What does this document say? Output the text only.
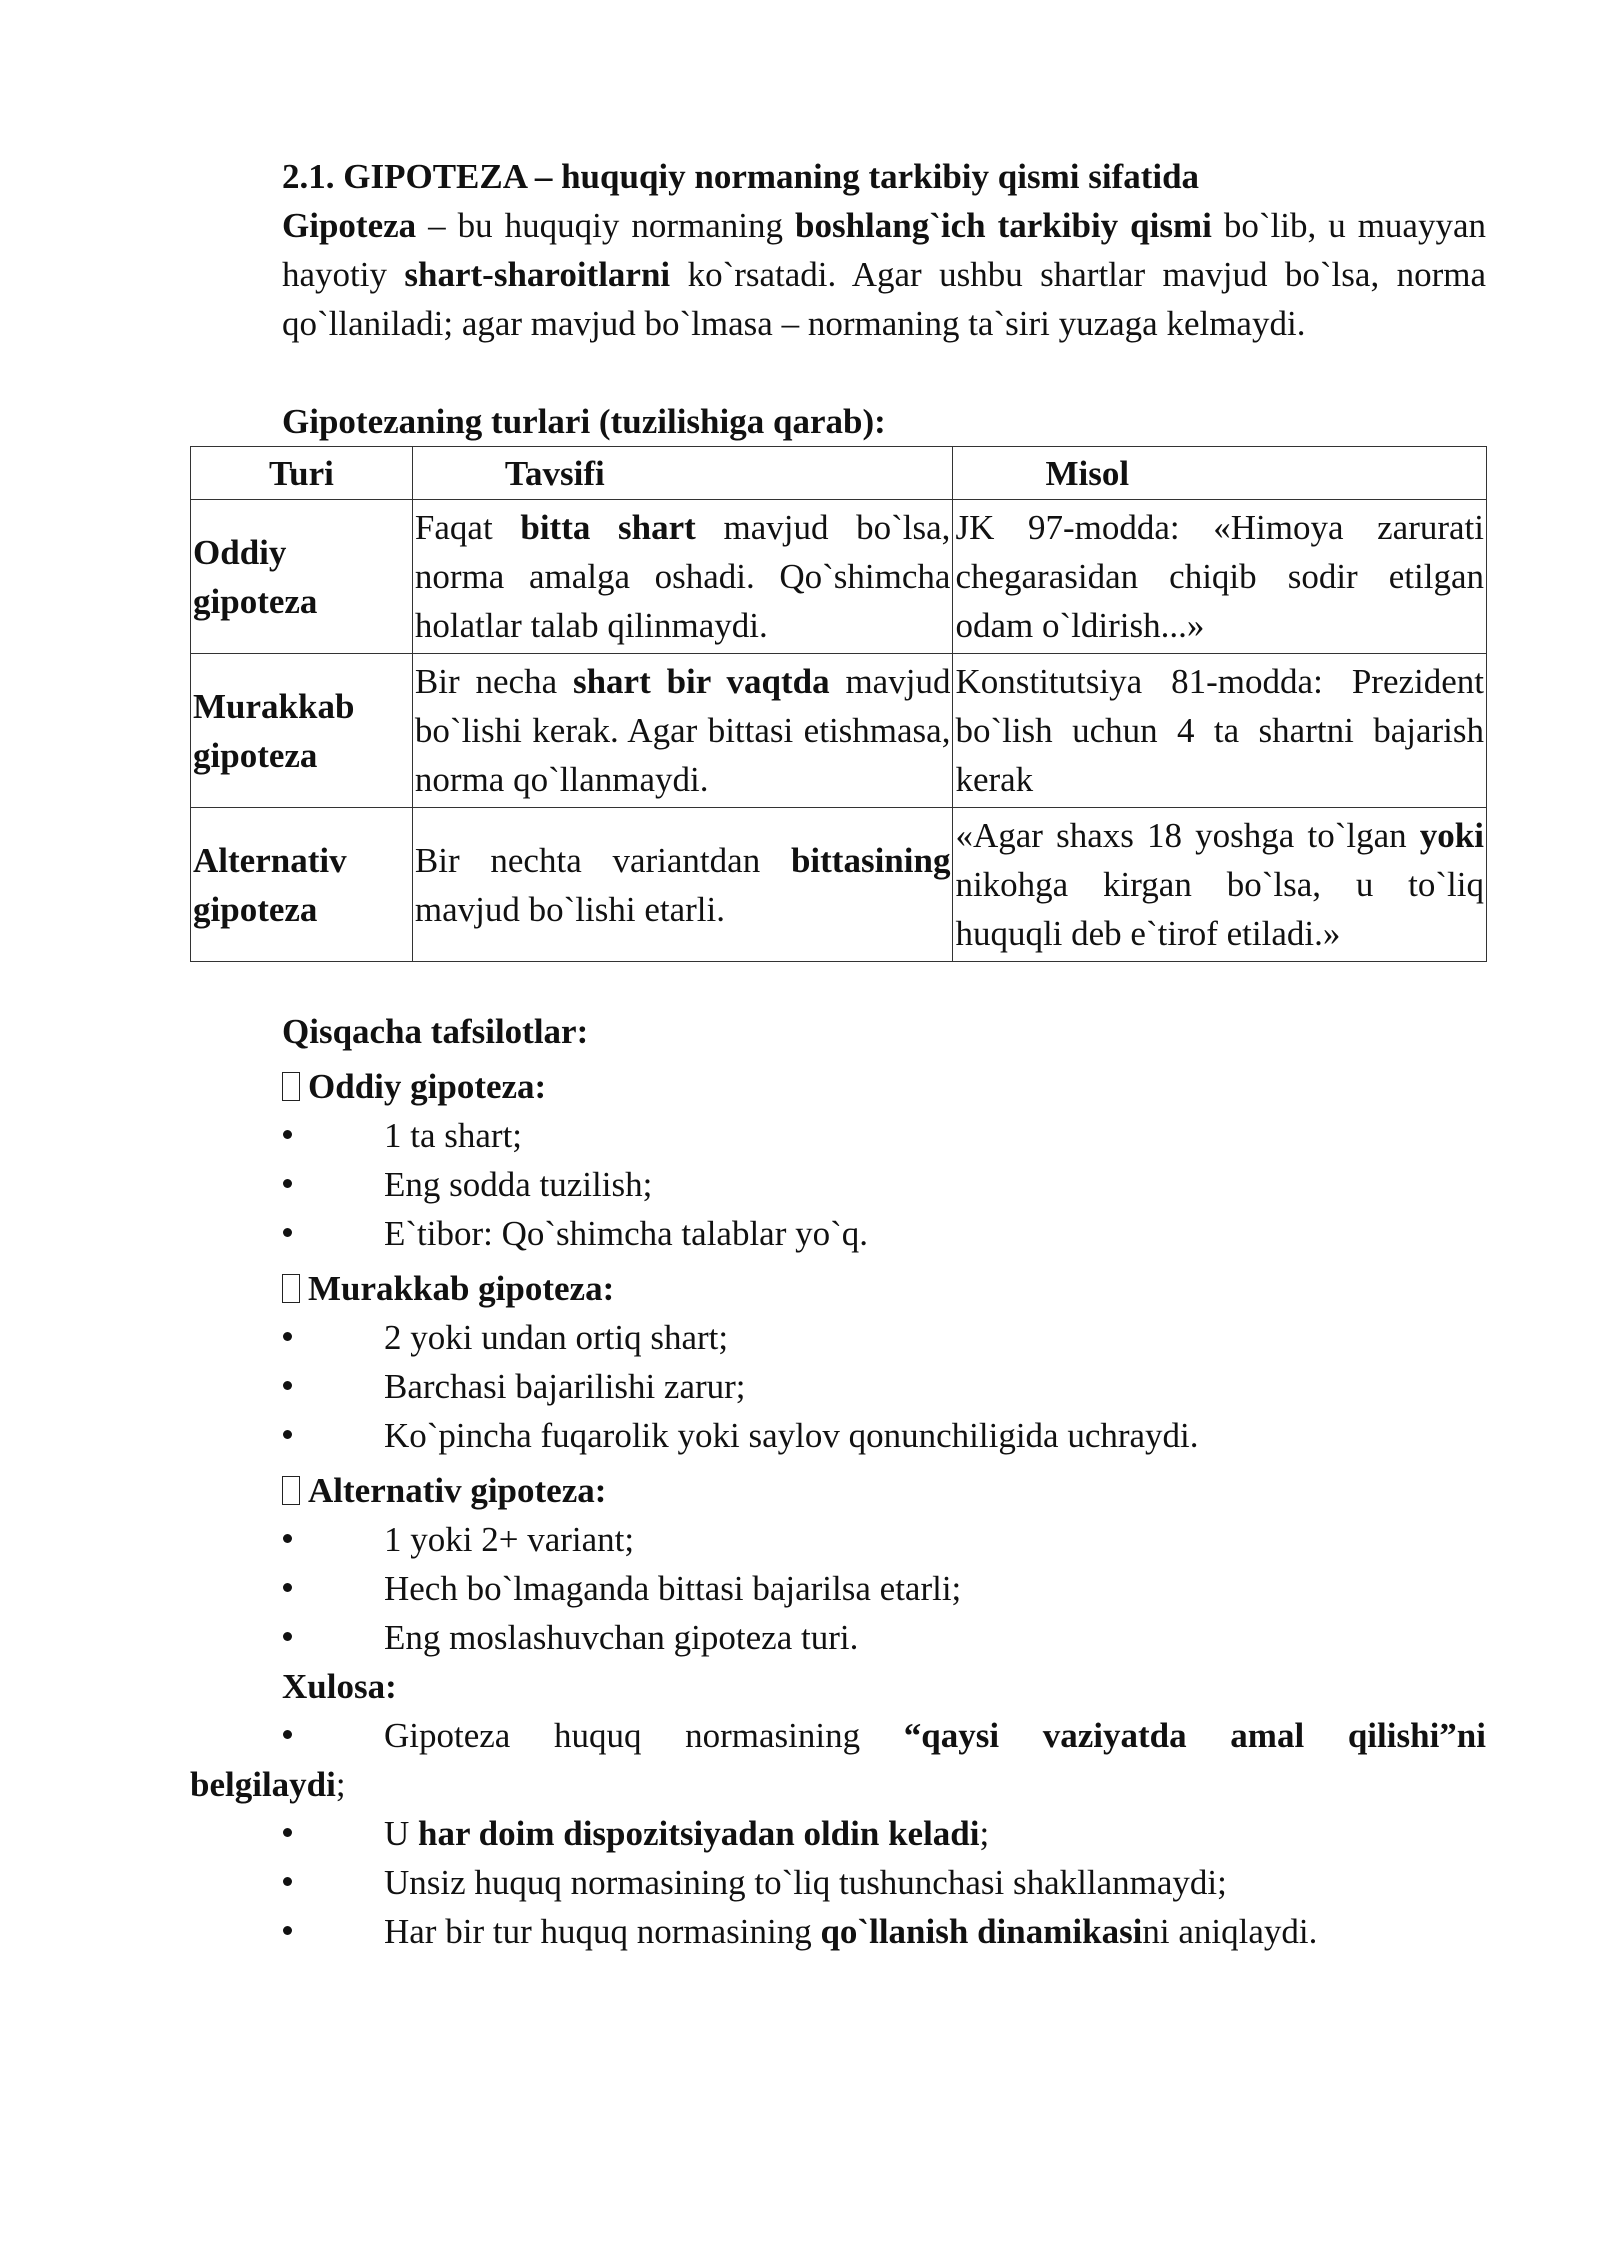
2.1. GIPOTEZA – huquqiy normaning tarkibiy qismi sifatida

Gipoteza – bu huquqiy normaning boshlang`ich tarkibiy qismi bo`lib, u muayyan hayotiy shart-sharoitlarni ko`rsatadi. Agar ushbu shartlar mavjud bo`lsa, norma qo`llaniladi; agar mavjud bo`lmasa – normaning ta`siri yuzaga kelmaydi.

Gipotezaning turlari (tuzilishiga qarab):
Turi	Tavsifi	Misol
Oddiy gipoteza	Faqat bitta shart mavjud bo`lsa, norma amalga oshadi. Qo`shimcha holatlar talab qilinmaydi.	JK 97-modda: «Himoya zarurati chegarasidan chiqib sodir etilgan odam o`ldirish...»
Murakkab gipoteza	Bir necha shart bir vaqtda mavjud bo`lishi kerak. Agar bittasi etishmasa, norma qo`llanmaydi.	Konstitutsiya 81-modda: Prezident bo`lish uchun 4 ta shartni bajarish kerak
Alternativ gipoteza	Bir nechta variantdan bittasining mavjud bo`lishi etarli.	«Agar shaxs 18 yoshga to`lgan yoki nikohga kirgan bo`lsa, u to`liq huquqli deb e`tirof etiladi.»
Qisqacha tafsilotlar:
Oddiy gipoteza:
1 ta shart;
Eng sodda tuzilish;
E`tibor: Qo`shimcha talablar yo`q.
Murakkab gipoteza:
2 yoki undan ortiq shart;
Barchasi bajarilishi zarur;
Ko`pincha fuqarolik yoki saylov qonunchiligida uchraydi.
Alternativ gipoteza:
1 yoki 2+ variant;
Hech bo`lmaganda bittasi bajarilsa etarli;
Eng moslashuvchan gipoteza turi.
Xulosa:
Gipoteza huquq normasining “qaysi vaziyatda amal qilishi”ni
belgilaydi;
U har doim dispozitsiyadan oldin keladi;
Unsiz huquq normasining to`liq tushunchasi shakllanmaydi;
Har bir tur huquq normasining qo`llanish dinamikasini aniqlaydi.
